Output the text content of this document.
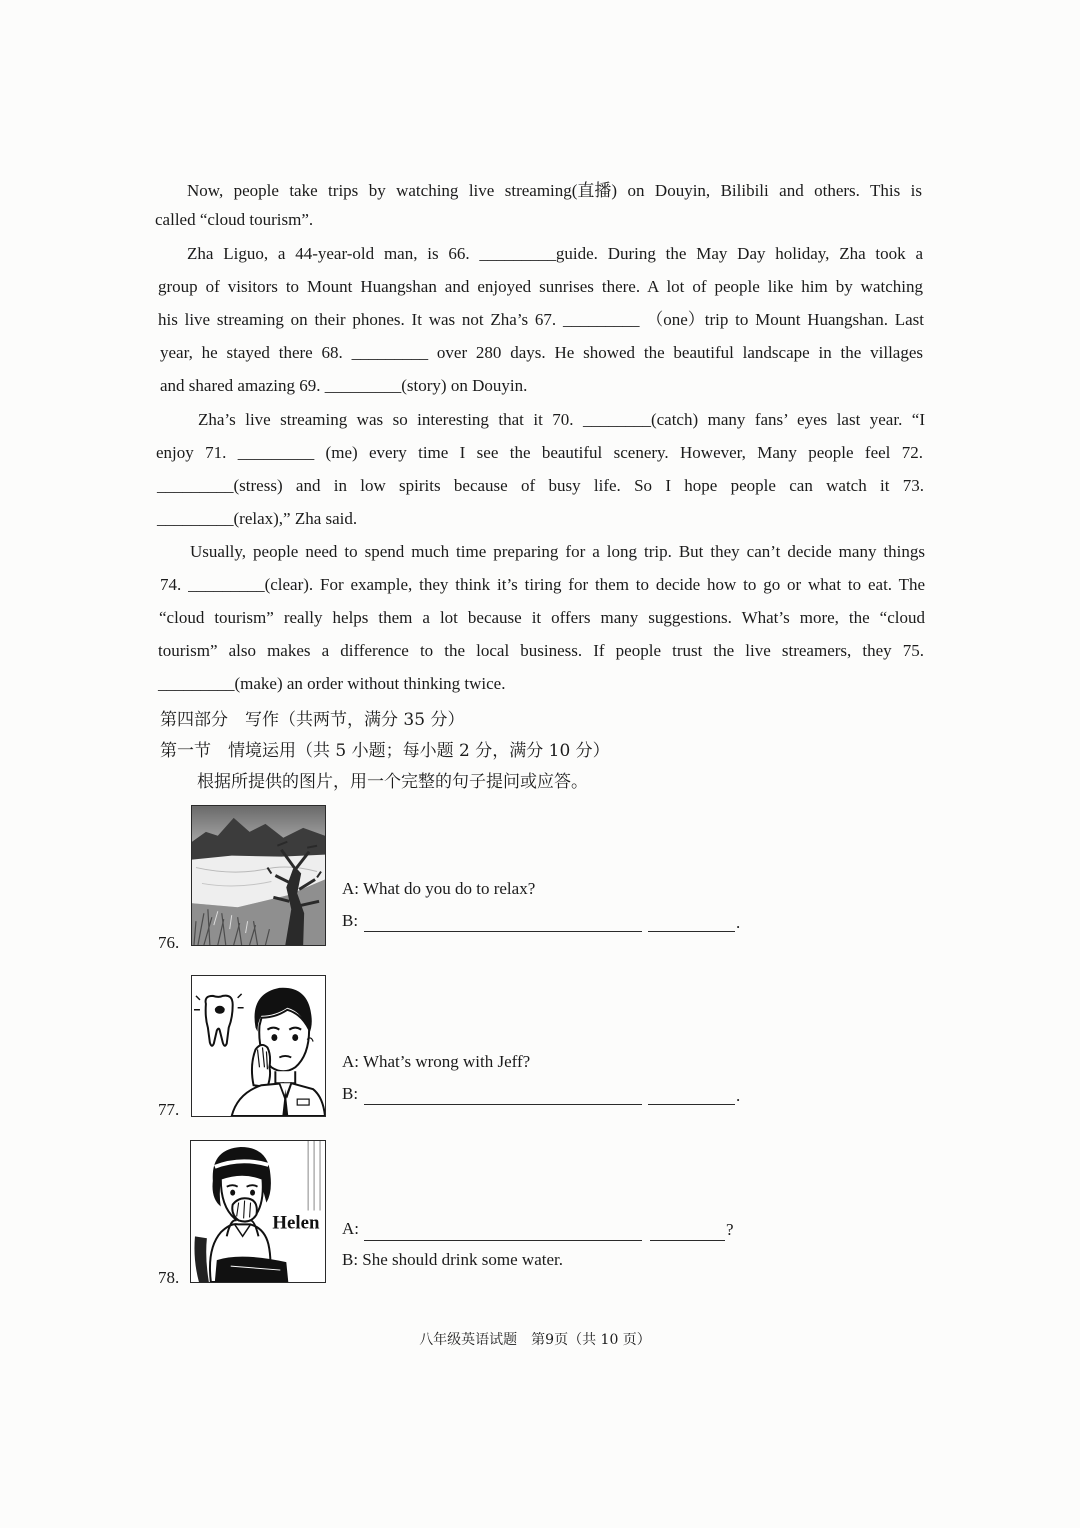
Now, people take trips by watching live streaming(直播) on Douyin, Bilibili and others. This is
called “cloud tourism”.
Zha Liguo, a 44-year-old man, is 66. _________guide. During the May Day holiday, Zha took a
group of visitors to Mount Huangshan and enjoyed sunrises there. A lot of people like him by watching
his live streaming on their phones. It was not Zha’s 67. _________ （one）trip to Mount Huangshan. Last
year, he stayed there 68. _________ over 280 days. He showed the beautiful landscape in the villages
and shared amazing 69. _________(story) on Douyin.
Zha’s live streaming was so interesting that it 70. ________(catch) many fans’ eyes last year. “I
enjoy 71. _________ (me) every time I see the beautiful scenery. However, Many people feel 72.
_________(stress) and in low spirits because of busy life. So I hope people can watch it 73.
_________(relax),” Zha said.
Usually, people need to spend much time preparing for a long trip. But they can’t decide many things
74. _________(clear). For example, they think it’s tiring for them to decide how to go or what to eat. The
“cloud tourism” really helps them a lot because it offers many suggestions. What’s more, the “cloud
tourism” also makes a difference to the local business. If people trust the live streamers, they 75.
_________(make) an order without thinking twice.
第四部分　写作（共两节，满分 35 分）
第一节　情境运用（共 5 小题；每小题 2 分，满分 10 分）
根据所提供的图片，用一个完整的句子提问或应答。
76.
A: What do you do to relax?
B:	.
77.
A: What’s wrong with Jeff?
B:	.
Helen
78.
A:	?
B: She should drink some water.
八年级英语试题　第9页（共 10 页）
